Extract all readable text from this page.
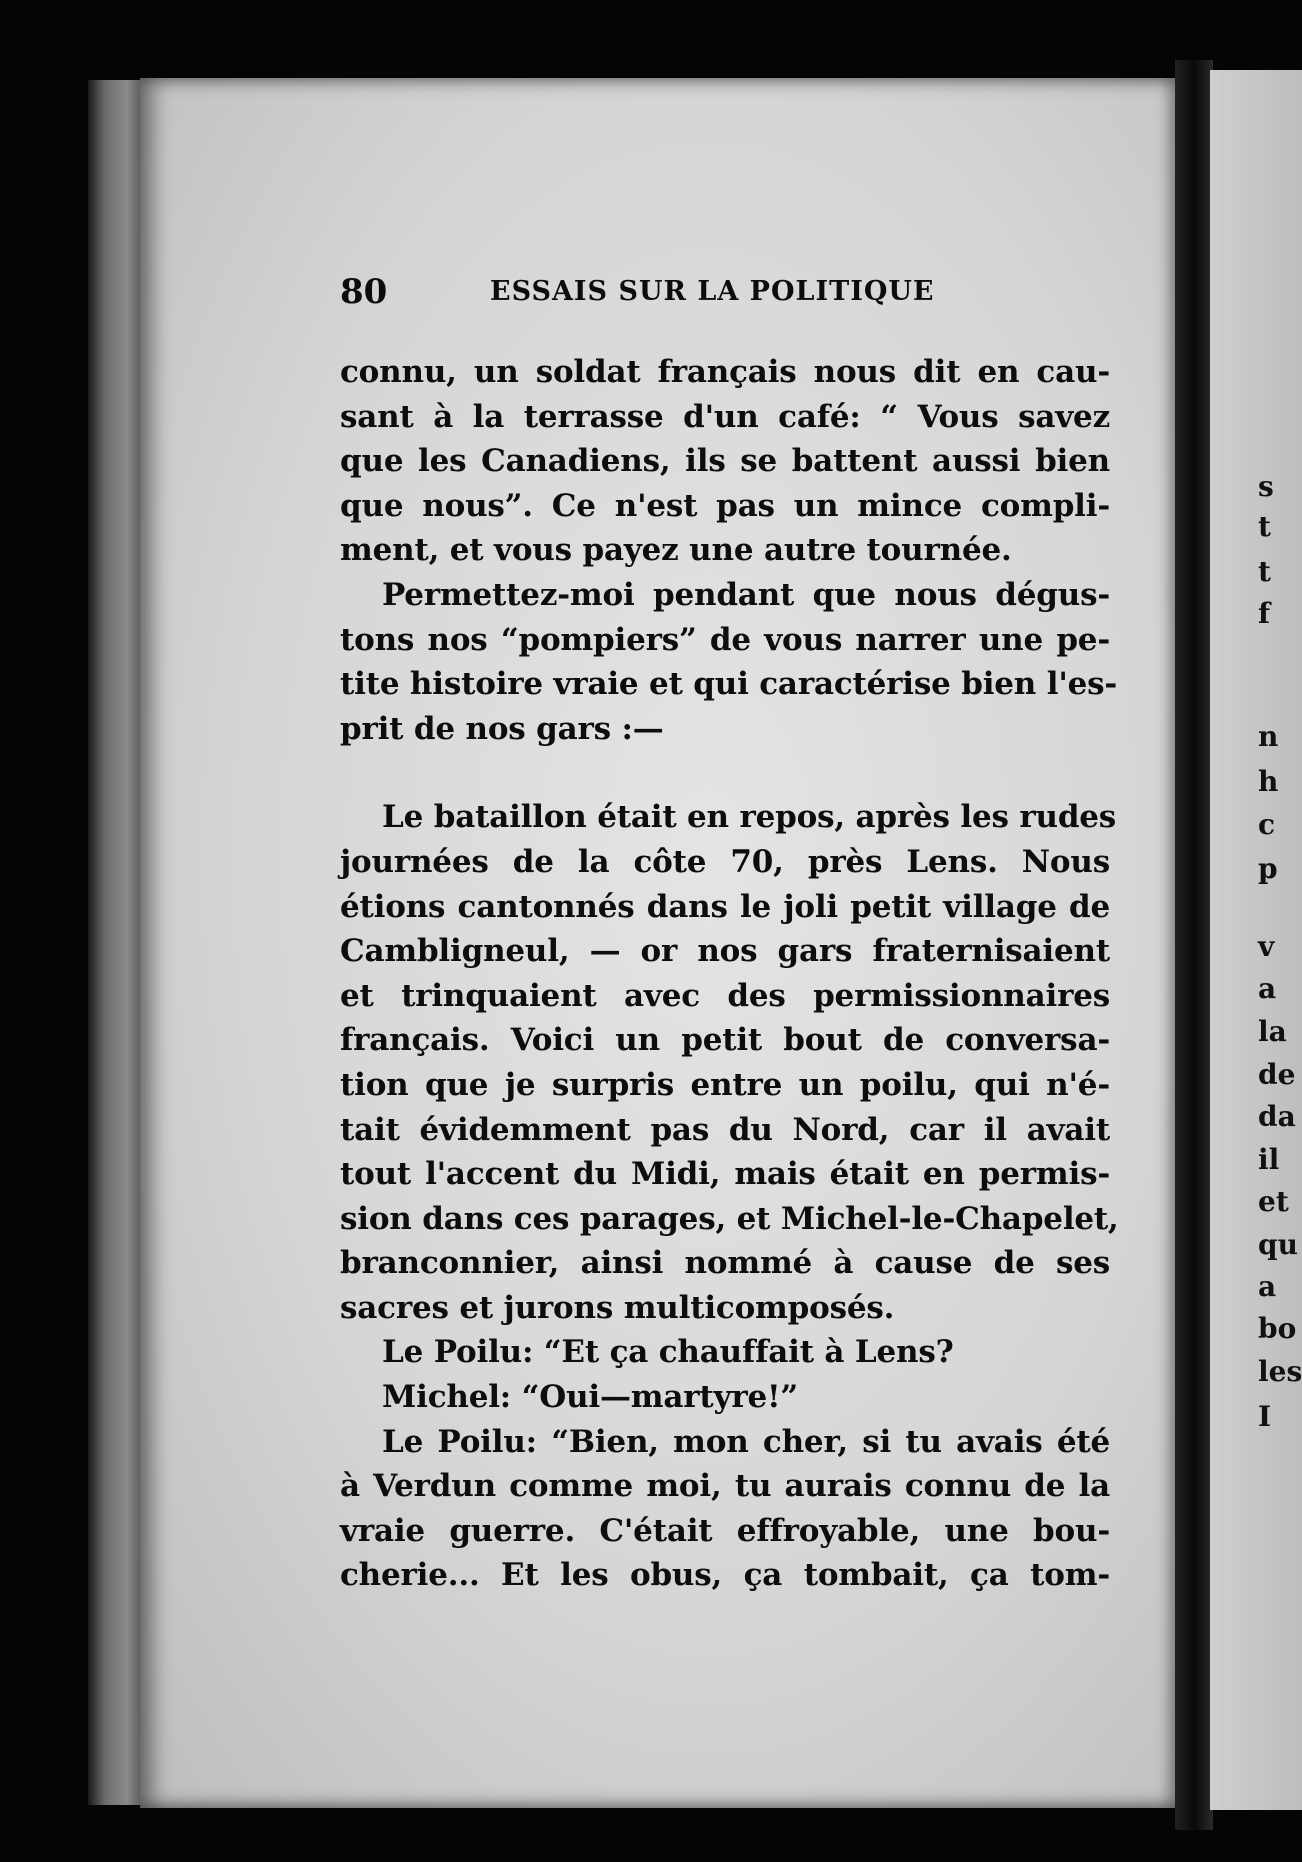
s
t
t
f
n
h
c
p
v
a
la
de
da
il
et
qu
a
bo
les
I
80	ESSAIS SUR LA POLITIQUE

connu, un soldat français nous dit en cau-
sant à la terrasse d'un café: “ Vous savez
que les Canadiens, ils se battent aussi bien
que nous”. Ce n'est pas un mince compli-
ment, et vous payez une autre tournée.

Permettez-moi pendant que nous dégus-
tons nos “pompiers” de vous narrer une pe-
tite histoire vraie et qui caractérise bien l'es-
prit de nos gars :—

Le bataillon était en repos, après les rudes
journées de la côte 70, près Lens. Nous
étions cantonnés dans le joli petit village de
Cambligneul, — or nos gars fraternisaient
et trinquaient avec des permissionnaires
français. Voici un petit bout de conversa-
tion que je surpris entre un poilu, qui n'é-
tait évidemment pas du Nord, car il avait
tout l'accent du Midi, mais était en permis-
sion dans ces parages, et Michel-le-Chapelet,
branconnier, ainsi nommé à cause de ses
sacres et jurons multicomposés.

Le Poilu: “Et ça chauffait à Lens?

Michel: “Oui—martyre!”

Le Poilu: “Bien, mon cher, si tu avais été
à Verdun comme moi, tu aurais connu de la
vraie guerre. C'était effroyable, une bou-
cherie... Et les obus, ça tombait, ça tom-
